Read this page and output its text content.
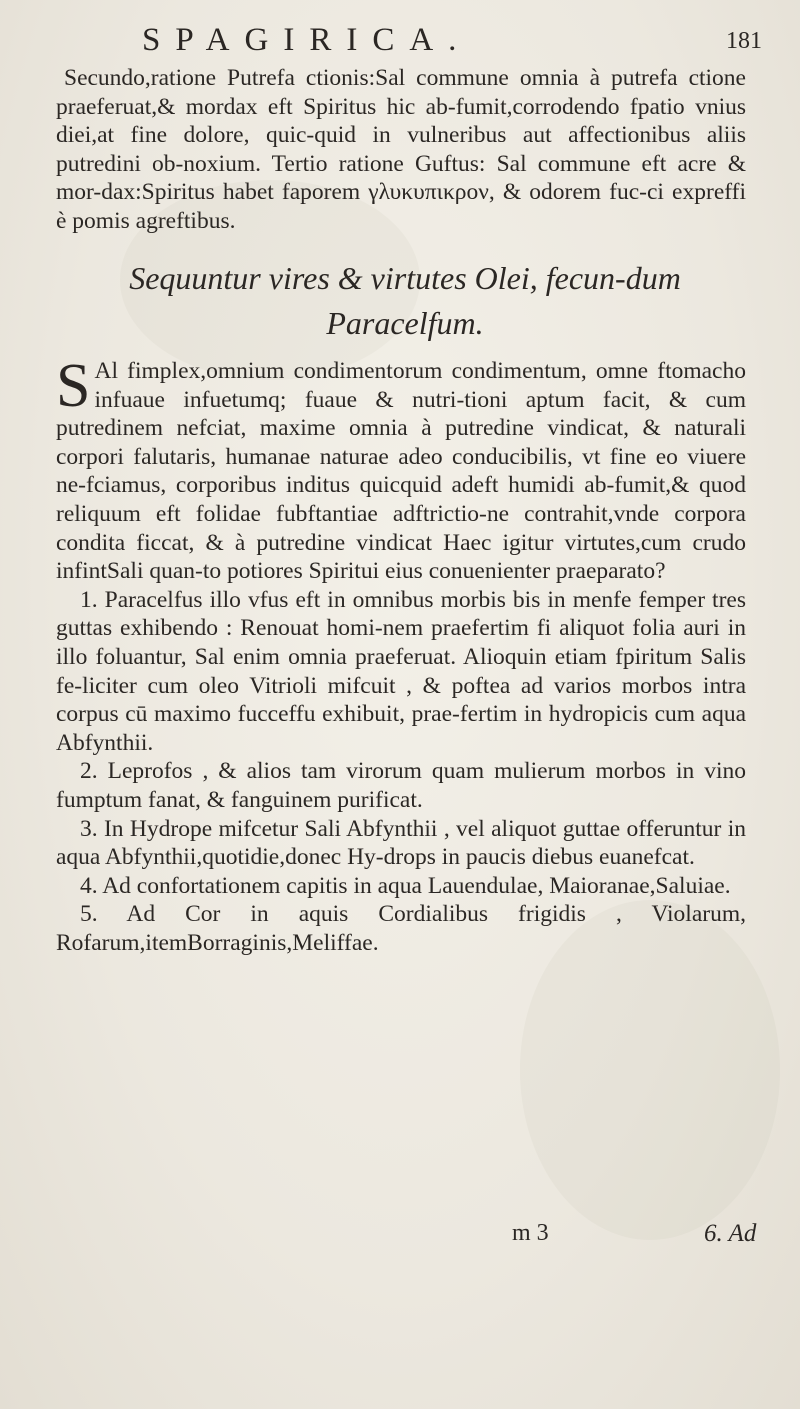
SPAGIRICA.	181

Secundo,ratione Putrefa ctionis:Sal commune omnia à putrefa ctione praeferuat,& mordax eft Spiritus hic ab-fumit,corrodendo fpatio vnius diei,at fine dolore, quic-quid in vulneribus aut affectionibus aliis putredini ob-noxium. Tertio ratione Guftus: Sal commune eft acre & mor-dax:Spiritus habet faporem γλυκυπικρον, & odorem fuc-ci expreffi è pomis agreftibus.

Sequuntur vires & virtutes Olei, fecun-dum Paracelfum.

S Al fimplex,omnium condimentorum condimentum, omne ftomacho infuaue infuetumq; fuaue & nutri-tioni aptum facit, & cum putredinem nefciat, maxime omnia à putredine vindicat, & naturali corpori falutaris, humanae naturae adeo conducibilis, vt fine eo viuere ne-fciamus, corporibus inditus quicquid adeft humidi ab-fumit,& quod reliquum eft folidae fubftantiae adftrictio-ne contrahit,vnde corpora condita ficcat, & à putredine vindicat Haec igitur virtutes,cum crudo infintSali quan-to potiores Spiritui eius conuenienter praeparato?

1. Paracelfus illo vfus eft in omnibus morbis bis in menfe femper tres guttas exhibendo : Renouat homi-nem praefertim fi aliquot folia auri in illo foluantur, Sal enim omnia praeferuat. Alioquin etiam fpiritum Salis fe-liciter cum oleo Vitrioli mifcuit , & poftea ad varios morbos intra corpus cū maximo fucceffu exhibuit, prae-fertim in hydropicis cum aqua Abfynthii.

2. Leprofos , & alios tam virorum quam mulierum morbos in vino fumptum fanat, & fanguinem purificat.

3. In Hydrope mifcetur Sali Abfynthii , vel aliquot guttae offeruntur in aqua Abfynthii,quotidie,donec Hy-drops in paucis diebus euanefcat.

4. Ad confortationem capitis in aqua Lauendulae, Maioranae,Saluiae.

5. Ad Cor in aquis Cordialibus frigidis , Violarum, Rofarum,itemBorraginis,Meliffae.

m 3	6. Ad
